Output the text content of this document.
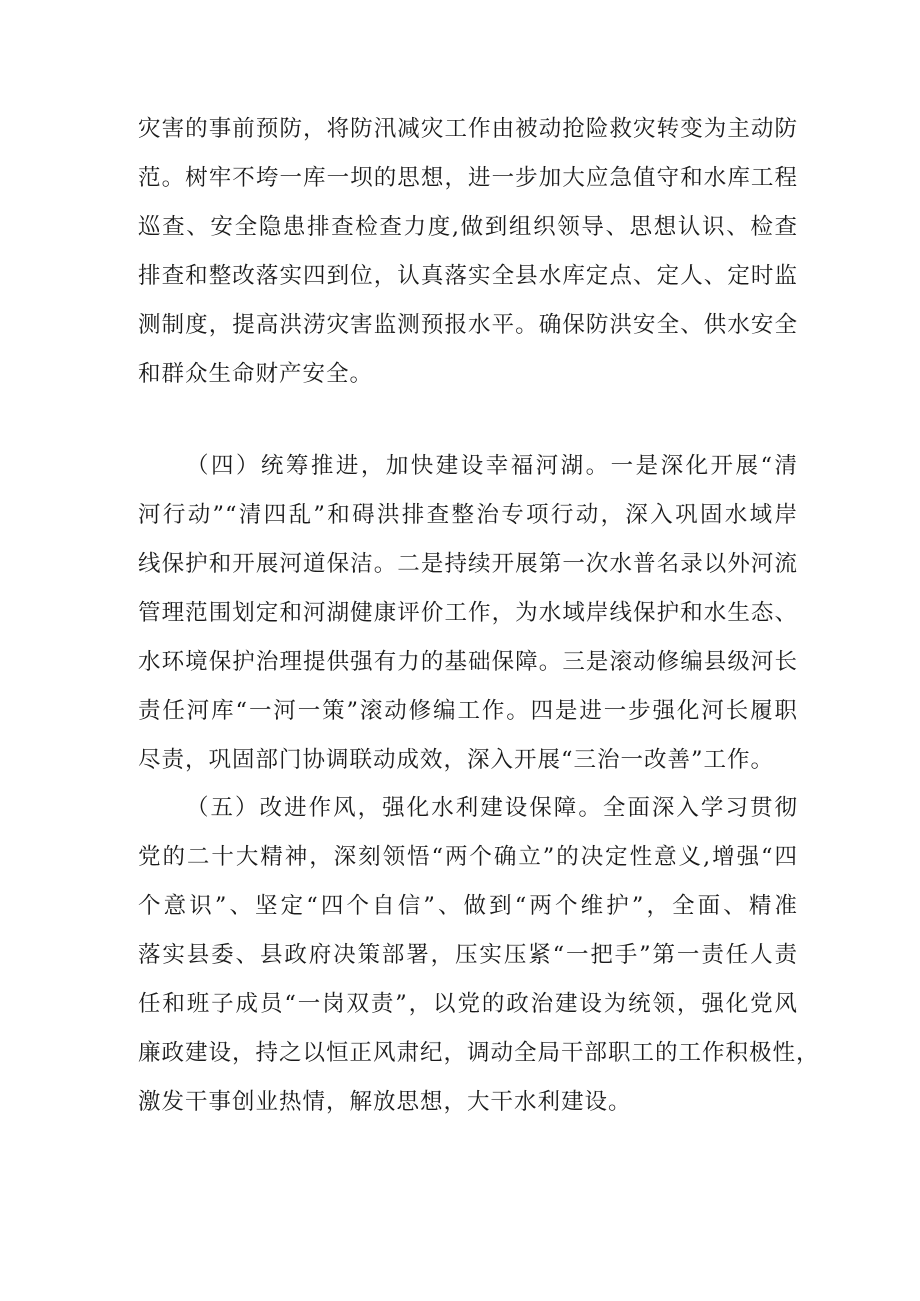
灾害的事前预防，将防汛减灾工作由被动抢险救灾转变为主动防
范。树牢不垮一库一坝的思想，进一步加大应急值守和水库工程
巡查、安全隐患排查检查力度,做到组织领导、思想认识、检查
排查和整改落实四到位，认真落实全县水库定点、定人、定时监
测制度，提高洪涝灾害监测预报水平。确保防洪安全、供水安全
和群众生命财产安全。
（四）统筹推进，加快建设幸福河湖。一是深化开展“清
河行动”“清四乱”和碍洪排查整治专项行动，深入巩固水域岸
线保护和开展河道保洁。二是持续开展第一次水普名录以外河流
管理范围划定和河湖健康评价工作，为水域岸线保护和水生态、
水环境保护治理提供强有力的基础保障。三是滚动修编县级河长
责任河库“一河一策”滚动修编工作。四是进一步强化河长履职
尽责，巩固部门协调联动成效，深入开展“三治一改善”工作。
（五）改进作风，强化水利建设保障。全面深入学习贯彻
党的二十大精神，深刻领悟“两个确立”的决定性意义,增强“四
个意识”、坚定“四个自信”、做到“两个维护”，全面、精准
落实县委、县政府决策部署，压实压紧“一把手”第一责任人责
任和班子成员“一岗双责”，以党的政治建设为统领，强化党风
廉政建设，持之以恒正风肃纪，调动全局干部职工的工作积极性，
激发干事创业热情，解放思想，大干水利建设。
